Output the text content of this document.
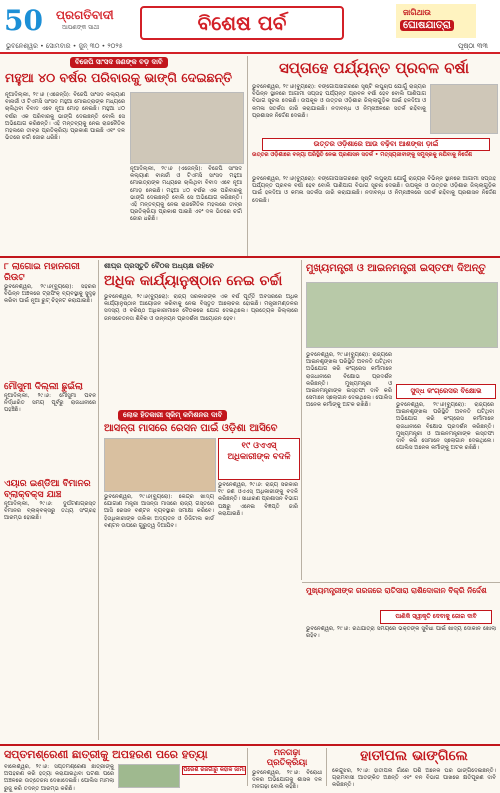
50 ପ୍ରଗତିବାଦୀ
ଆପଣଙ୍କ ସାଥୀ
ଭୁବନେଶ୍ୱର • ସୋମବାର • ଜୁନ୍ ୩୦ • ୨୦୨୫
ବିଶେଷ ପର୍ବ	ଜାଗିଥାଉ
ଘୋଷଯାତ୍ରା
ପୃଷ୍ଠା ୩୩
ବିଜେପି ସାଂସଦ ଜଣଙ୍କ ବଡ଼ ଦାବି
ମହୁଆ ୪୦ ବର୍ଷର ପରିବାରକୁ ଭାଙ୍ଗି ଦେଇଛନ୍ତି
ନୂଆଦିଲ୍ଲୀ, ୨୯।୬ (ଏଜେନ୍ସି): ବିଜେପି ସାଂସଦ କଲ୍ୟାଣ ବାନାର୍ଜୀ ଓ ଟିଏମସି ସାଂସଦ ମହୁଆ ମୋଇତ୍ରାଙ୍କ ମଧ୍ୟରେ ଚାଲିଥିବା ବିବାଦ ଏବେ ନୂଆ ମୋଡ଼ ନେଇଛି। ମହୁଆ ୪୦ ବର୍ଷର ଏକ ପରିବାରକୁ ଭାଙ୍ଗି ଦେଇଛନ୍ତି ବୋଲି ସେ ଅଭିଯୋଗ କରିଛନ୍ତି। ଏହି ମନ୍ତବ୍ୟକୁ ନେଇ ରାଜନୈତିକ ମହଲରେ ତୀବ୍ର ପ୍ରତିକ୍ରିୟା ପ୍ରକାଶ ପାଇଛି ଏବଂ ଦଳ ଭିତରେ ଚର୍ଚ୍ଚା ଜୋର ଧରିଛି।
ନୂଆଦିଲ୍ଲୀ, ୨୯।୬ (ଏଜେନ୍ସି): ବିଜେପି ସାଂସଦ କଲ୍ୟାଣ ବାନାର୍ଜୀ ଓ ଟିଏମସି ସାଂସଦ ମହୁଆ ମୋଇତ୍ରାଙ୍କ ମଧ୍ୟରେ ଚାଲିଥିବା ବିବାଦ ଏବେ ନୂଆ ମୋଡ଼ ନେଇଛି। ମହୁଆ ୪୦ ବର୍ଷର ଏକ ପରିବାରକୁ ଭାଙ୍ଗି ଦେଇଛନ୍ତି ବୋଲି ସେ ଅଭିଯୋଗ କରିଛନ୍ତି। ଏହି ମନ୍ତବ୍ୟକୁ ନେଇ ରାଜନୈତିକ ମହଲରେ ତୀବ୍ର ପ୍ରତିକ୍ରିୟା ପ୍ରକାଶ ପାଇଛି ଏବଂ ଦଳ ଭିତରେ ଚର୍ଚ୍ଚା ଜୋର ଧରିଛି।
ସପ୍ତାହେ ପର୍ଯ୍ୟନ୍ତ ପ୍ରବଳ ବର୍ଷା
ଭୁବନେଶ୍ୱର, ୨୯।୬(ବ୍ୟୁରୋ): ବଙ୍ଗୋପସାଗରରେ ସୃଷ୍ଟି ଲଘୁଚାପ ଯୋଗୁଁ ରାଜ୍ୟର ବିଭିନ୍ନ ସ୍ଥାନରେ ଆଗାମୀ ସପ୍ତାହ ପର୍ଯ୍ୟନ୍ତ ପ୍ରବଳ ବର୍ଷା ହେବ ବୋଲି ପାଣିପାଗ ବିଭାଗ ସୂଚନା ଦେଇଛି। ଉପକୂଳ ଓ ଉତ୍ତର ଓଡ଼ିଶାର ଜିଲ୍ଲାଗୁଡ଼ିକ ପାଇଁ ହଳଦିଆ ଓ କମଳା ସତର୍କତା ଜାରି କରାଯାଇଛି। ନଦୀବନ୍ଧ ଓ ନିମ୍ନାଞ୍ଚଳରେ ସତର୍କ ରହିବାକୁ ପ୍ରଶାସନ ନିର୍ଦ୍ଦେଶ ଦେଇଛି।
ଉତ୍ତର ଓଡ଼ିଶାରେ ଆଉ ବଢ଼ିବା ଆଶଙ୍କା ଡ଼ାଇଁ
ଉତ୍ତର ଓଡ଼ିଶାରେ ବନ୍ୟା ପରିସ୍ଥିତି ନେଇ ପ୍ରଶାସନ ସତର୍କ • ମତ୍ସ୍ୟଜୀବୀଙ୍କୁ ସମୁଦ୍ରକୁ ନଯିବାକୁ ନିର୍ଦ୍ଦେଶ
ଭୁବନେଶ୍ୱର, ୨୯।୬(ବ୍ୟୁରୋ): ବଙ୍ଗୋପସାଗରରେ ସୃଷ୍ଟି ଲଘୁଚାପ ଯୋଗୁଁ ରାଜ୍ୟର ବିଭିନ୍ନ ସ୍ଥାନରେ ଆଗାମୀ ସପ୍ତାହ ପର୍ଯ୍ୟନ୍ତ ପ୍ରବଳ ବର୍ଷା ହେବ ବୋଲି ପାଣିପାଗ ବିଭାଗ ସୂଚନା ଦେଇଛି। ଉପକୂଳ ଓ ଉତ୍ତର ଓଡ଼ିଶାର ଜିଲ୍ଲାଗୁଡ଼ିକ ପାଇଁ ହଳଦିଆ ଓ କମଳା ସତର୍କତା ଜାରି କରାଯାଇଛି। ନଦୀବନ୍ଧ ଓ ନିମ୍ନାଞ୍ଚଳରେ ସତର୍କ ରହିବାକୁ ପ୍ରଶାସନ ନିର୍ଦ୍ଦେଶ ଦେଇଛି।
୮ ଲାଗୋଇ ମହାନଗରୀ ରିଉଟ
ଭୁବନେଶ୍ୱର, ୨୯।୬(ବ୍ୟୁରୋ): ସହରର ବିଭିନ୍ନ ଅଞ୍ଚଳରେ ଟ୍ରାଫିକ୍ ବ୍ୟବସ୍ଥାକୁ ସୁଦୃଢ଼ କରିବା ପାଇଁ ନୂଆ ରୁଟ୍ ଚିହ୍ନଟ କରାଯାଇଛି।
ମୌସୁମୀ ଦିଲ୍ଲୀ ଛୁଇଁଲା
ନୂଆଦିଲ୍ଲୀ, ୨୯।୬: ମୌସୁମୀ ପବନ ନିର୍ଦ୍ଧାରିତ ସମୟ ପୂର୍ବରୁ ରାଜଧାନୀରେ ପହଞ୍ଚିଛି।
ଏୟାର ଇଣ୍ଡିଆ ବିମାନର ବ୍ଲାକ୍‌ବକ୍ସ ଯାଞ୍ଚ
ନୂଆଦିଲ୍ଲୀ, ୨୯।୬: ଦୁର୍ଘଟଣାଗ୍ରସ୍ତ ବିମାନର ବ୍ଲାକ୍‌ବକ୍ସରୁ ତଥ୍ୟ ସଂଗ୍ରହ ଆରମ୍ଭ ହୋଇଛି।
ଶୀଘ୍ର ପ୍ରସ୍ତୁତି ବୈଠକ ଅଧ୍ୟକ୍ଷ ରହିବେ
ଅଧିକ କାର୍ଯ୍ୟାନୁଷ୍ଠାନ ନେଇ ଚର୍ଚ୍ଚା
ଭୁବନେଶ୍ୱର, ୨୯।୬(ବ୍ୟୁରୋ): ରାଜ୍ୟ ସରକାରଙ୍କ ଏକ ବର୍ଷ ପୂର୍ତ୍ତି ଅବସରରେ ଅଧିକ କାର୍ଯ୍ୟାନୁଷ୍ଠାନ ଆୟୋଜନ କରିବାକୁ ନେଇ ବିସ୍ତୃତ ଆଲୋଚନା ହୋଇଛି। ମନ୍ତ୍ରୀମଣ୍ଡଳର ସଦସ୍ୟ ଓ ବରିଷ୍ଠ ଅଧିକାରୀମାନେ ବୈଠକରେ ଯୋଗ ଦେଇଥିଲେ। ପ୍ରତ୍ୟେକ ଜିଲ୍ଲାରେ ଜନସଚେତନତା ଶିବିର ଓ ଉନ୍ନୟନ ପ୍ରଦର୍ଶନୀ ଆୟୋଜନ ହେବ।
ମୁଖ୍ୟମନ୍ତ୍ରୀ ଓ ଆଇନମନ୍ତ୍ରୀ ଇସ୍ତଫା ଦିଅନ୍ତୁ
ଭୁବନେଶ୍ୱର, ୨୯।୬(ବ୍ୟୁରୋ): ରାଜ୍ୟରେ ଆଇନଶୃଙ୍ଖଳା ପରିସ୍ଥିତି ଅବନତି ଘଟିଥିବା ଅଭିଯୋଗ କରି କଂଗ୍ରେସ କର୍ମୀମାନେ ରାଜଧାନୀରେ ବିକ୍ଷୋଭ ପ୍ରଦର୍ଶନ କରିଛନ୍ତି। ମୁଖ୍ୟମନ୍ତ୍ରୀ ଓ ଆଇନମନ୍ତ୍ରୀଙ୍କ ଇସ୍ତଫା ଦାବି କରି ସେମାନେ ସ୍ଲୋଗାନ ଦେଇଥିଲେ। ପୋଲିସ ଅନେକ କର୍ମୀଙ୍କୁ ଅଟକ ରଖିଛି।
ସୁଦ୍ଧ କଂଗ୍ରେସର ବିକ୍ଷୋଭ
ଭୁବନେଶ୍ୱର, ୨୯।୬(ବ୍ୟୁରୋ): ରାଜ୍ୟରେ ଆଇନଶୃଙ୍ଖଳା ପରିସ୍ଥିତି ଅବନତି ଘଟିଥିବା ଅଭିଯୋଗ କରି କଂଗ୍ରେସ କର୍ମୀମାନେ ରାଜଧାନୀରେ ବିକ୍ଷୋଭ ପ୍ରଦର୍ଶନ କରିଛନ୍ତି। ମୁଖ୍ୟମନ୍ତ୍ରୀ ଓ ଆଇନମନ୍ତ୍ରୀଙ୍କ ଇସ୍ତଫା ଦାବି କରି ସେମାନେ ସ୍ଲୋଗାନ ଦେଇଥିଲେ। ପୋଲିସ ଅନେକ କର୍ମୀଙ୍କୁ ଅଟକ ରଖିଛି।
ଲୋକ ହିତକାରୀ ସ୍କିମ୍ କମିଶନର ଦାବି
ଆସନ୍ତା ମାସରେ ରେସନ ପାଇଁ ଓଡ଼ିଶା ଆସିବେ
ଭୁବନେଶ୍ୱର, ୨୯।୬(ବ୍ୟୁରୋ): କେନ୍ଦ୍ର ଖାଦ୍ୟ ଯୋଗାଣ ମନ୍ତ୍ରୀ ଆସନ୍ତା ମାସରେ ରାଜ୍ୟ ଗସ୍ତରେ ଆସି ରେସନ ବଣ୍ଟନ ବ୍ୟବସ୍ଥାର ସମୀକ୍ଷା କରିବେ। ହିତାଧିକାରୀଙ୍କ ତାଲିକା ଅଦ୍ୟତନ ଓ ଡିଜିଟାଲ କାର୍ଡ ବଣ୍ଟନ ଉପରେ ଗୁରୁତ୍ୱ ଦିଆଯିବ।
୧୯ ଓଏଏସ୍ ଅଧିକାରୀଙ୍କ ବଦଳି
ଭୁବନେଶ୍ୱର, ୨୯।୬: ରାଜ୍ୟ ସରକାର ୧୯ ଜଣ ଓଏଏସ୍ ଅଧିକାରୀଙ୍କୁ ବଦଳି କରିଛନ୍ତି। ସାଧାରଣ ପ୍ରଶାସନ ବିଭାଗ ପକ୍ଷରୁ ଏନେଇ ବିଜ୍ଞପ୍ତି ଜାରି କରାଯାଇଛି।
ମୁଖ୍ୟମନ୍ତ୍ରୀଙ୍କ ଗରଜରେ ରାତିସାରା ରାଶିଦୋକାନ ବିକ୍ରି ନିର୍ଦ୍ଦେଶ
ପାଣିକି ସ୍ୱୀକୃତି ଦେବାକୁ ଜୋର ଦାବି
ଭୁବନେଶ୍ୱର, ୨୯।୬: ରଥଯାତ୍ରା ସମୟରେ ଭକ୍ତଙ୍କ ସୁବିଧା ପାଇଁ ଖାଦ୍ୟ ଦୋକାନ ଖୋଲା ରହିବ।
ସପ୍ତମଶ୍ରେଣୀ ଛାତ୍ରୀକୁ ଅପହରଣ ପରେ ହତ୍ୟା
ବାଲେଶ୍ୱର, ୨୯।୬: ସପ୍ତମଶ୍ରେଣୀ ଛାତ୍ରୀଙ୍କୁ ଅପହରଣ କରି ହତ୍ୟା କରାଯାଇଥିବା ଘଟଣା ପରେ ଅଞ୍ଚଳରେ ଉତ୍ତେଜନା ଦେଖାଦେଇଛି। ପୋଲିସ ମାମଲା ରୁଜୁ କରି ତଦନ୍ତ ଆରମ୍ଭ କରିଛି।
ପରେଶ ରଜଗାରୁ କହାଳ ଜାମା
ମନଗଢ଼ା ପ୍ରତିକ୍ରିୟା
ଭୁବନେଶ୍ୱର, ୨୯।୬: ବିରୋଧୀ ଦଳର ଅଭିଯୋଗକୁ ଶାସକ ଦଳ ମନଗଢ଼ା ବୋଲି କହିଛି।
ହାତୀପଲ ଭାଙ୍ଗିଲେ
କେନ୍ଦୁଝର, ୨୯।୬: ହାତୀପଲ ଗାଁରେ ପଶି ଅନେକ ଘର ଭାଙ୍ଗିଦେଇଛନ୍ତି। ଗ୍ରାମବାସୀ ଆତଙ୍କିତ ଅଛନ୍ତି ଏବଂ ବନ ବିଭାଗ ପାଖରେ କ୍ଷତିପୂରଣ ଦାବି କରିଛନ୍ତି।
